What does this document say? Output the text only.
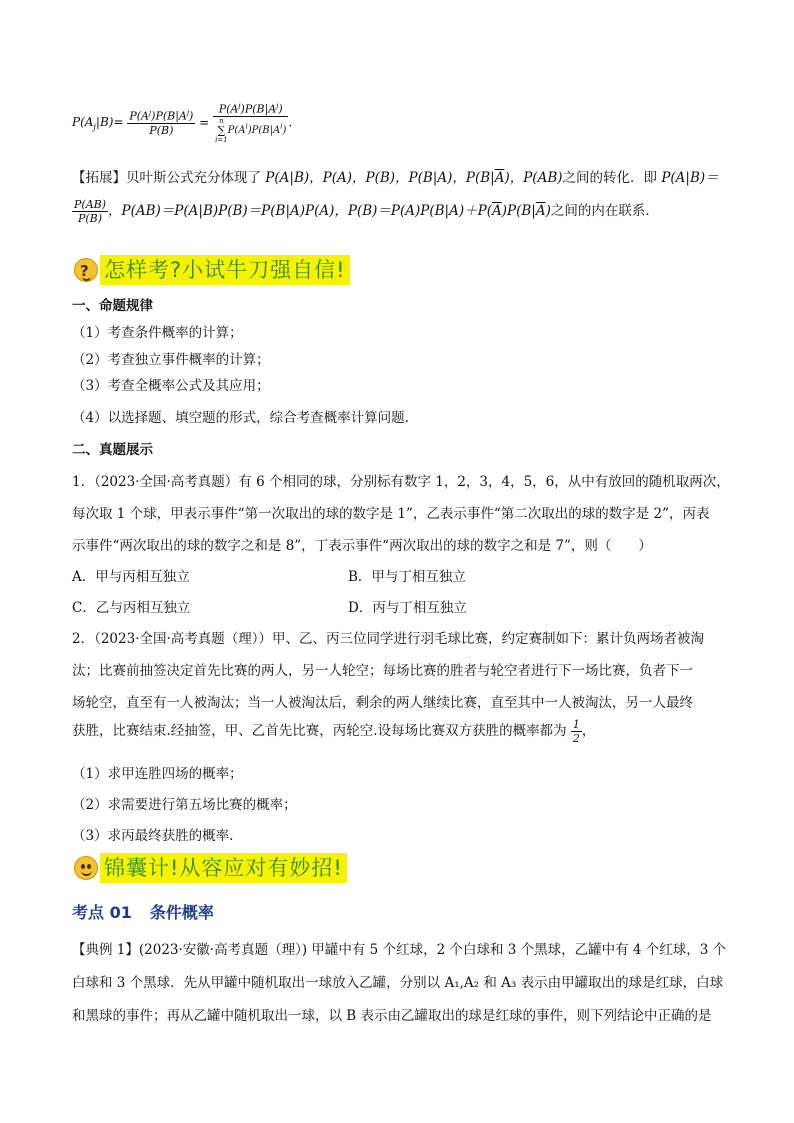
$P(A_j|B)= \frac{P(A^j)P(B|A^j)}{P(B)} = P(A^j)P(B|A^j)$
n
∑
i=1
$P(A^i)P(B|A^i)$ .
【拓展】贝叶斯公式充分体现了 P(A|B)，P(A)，P(B)，P(B|A)，$P(B|\overline{A})$，P(AB)之间的转化．即 P(A|B)＝
$\frac{P(AB)}{P(B)}$ ，P(AB)＝P(A|B)P(B)＝P(B|A)P(A)，$P(B)=P(A)P(B|A)+P(\overline{A})P(B|\overline{A})$之间的内在联系．
? 怎样考?小试牛刀强自信!
一、命题规律
（1）考查条件概率的计算；
（2）考查独立事件概率的计算；
（3）考查全概率公式及其应用；
（4）以选择题、填空题的形式，综合考查概率计算问题.
二、真题展示
1．（2023·全国·高考真题）有 6 个相同的球，分别标有数字 1，2，3，4，5，6，从中有放回的随机取两次，
每次取 1 个球，甲表示事件“第一次取出的球的数字是 1”，乙表示事件“第二次取出的球的数字是 2”，丙表
示事件“两次取出的球的数字之和是 8”，丁表示事件“两次取出的球的数字之和是 7”，则（　　）
A．甲与丙相互独立	B．甲与丁相互独立
C．乙与丙相互独立	D．丙与丁相互独立
2．（2023·全国·高考真题（理））甲、乙、丙三位同学进行羽毛球比赛，约定赛制如下：累计负两场者被淘
汰；比赛前抽签决定首先比赛的两人，另一人轮空；每场比赛的胜者与轮空者进行下一场比赛，负者下一
场轮空，直至有一人被淘汰；当一人被淘汰后，剩余的两人继续比赛，直至其中一人被淘汰，另一人最终
获胜，比赛结束.经抽签，甲、乙首先比赛，丙轮空.设每场比赛双方获胜的概率都为 $\frac{1}{2}$ ，
（1）求甲连胜四场的概率；
（2）求需要进行第五场比赛的概率；
（3）求丙最终获胜的概率.
锦囊计!从容应对有妙招!
考点 01 条件概率
【典例 1】(2023·安徽·高考真题（理）) 甲罐中有 5 个红球，2 个白球和 3 个黑球，乙罐中有 4 个红球，3 个
白球和 3 个黑球．先从甲罐中随机取出一球放入乙罐，分别以 A₁,A₂ 和 A₃ 表示由甲罐取出的球是红球，白球
和黑球的事件；再从乙罐中随机取出一球，以 B 表示由乙罐取出的球是红球的事件，则下列结论中正确的是
